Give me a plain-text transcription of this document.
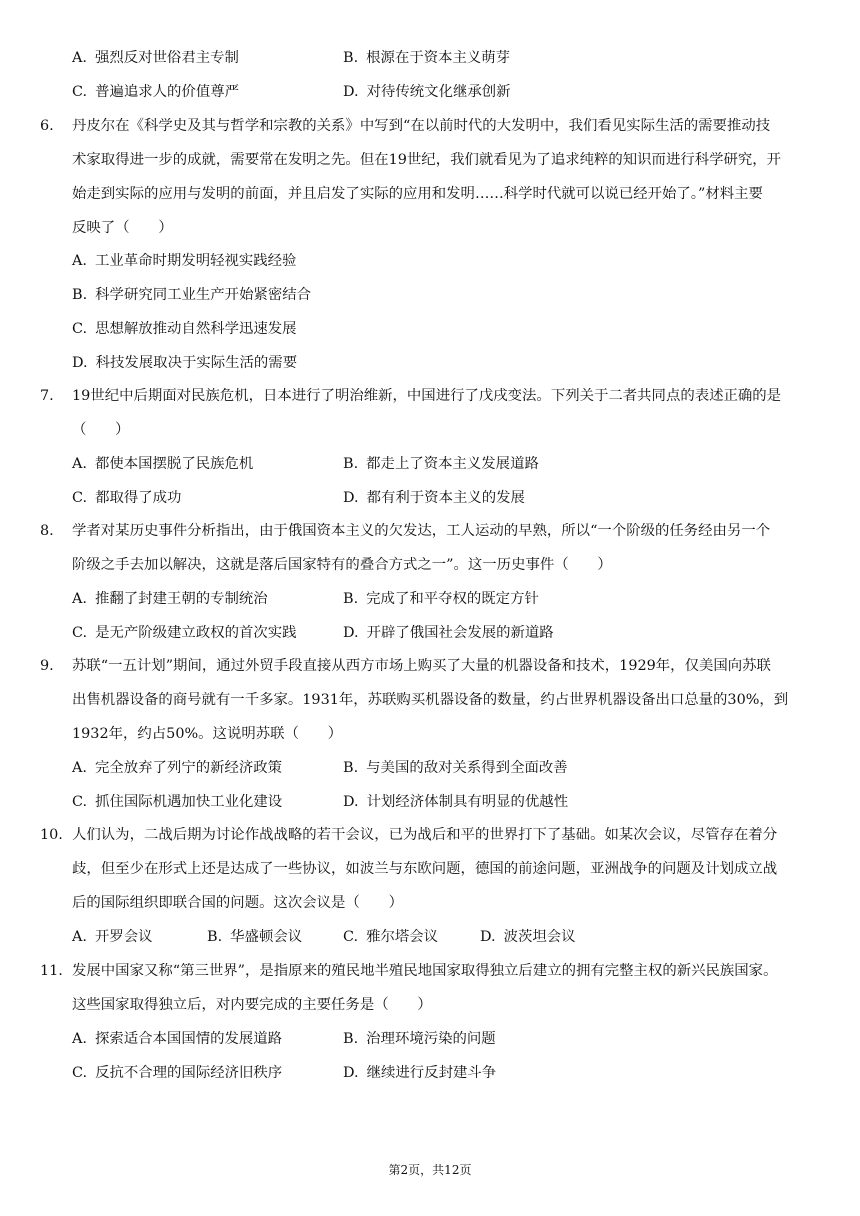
A. 强烈反对世俗君主专制	B. 根源在于资本主义萌芽
C. 普遍追求人的价值尊严	D. 对待传统文化继承创新
6. 丹皮尔在《科学史及其与哲学和宗教的关系》中写到“在以前时代的大发明中，我们看见实际生活的需要推动技
术家取得进一步的成就，需要常在发明之先。但在19世纪，我们就看见为了追求纯粹的知识而进行科学研究，开
始走到实际的应用与发明的前面，并且启发了实际的应用和发明……科学时代就可以说已经开始了。”材料主要
反映了（　　）
A. 工业革命时期发明轻视实践经验
B. 科学研究同工业生产开始紧密结合
C. 思想解放推动自然科学迅速发展
D. 科技发展取决于实际生活的需要
7. 19世纪中后期面对民族危机，日本进行了明治维新，中国进行了戊戌变法。下列关于二者共同点的表述正确的是
（　　）
A. 都使本国摆脱了民族危机	B. 都走上了资本主义发展道路
C. 都取得了成功	D. 都有利于资本主义的发展
8. 学者对某历史事件分析指出，由于俄国资本主义的欠发达，工人运动的早熟，所以“一个阶级的任务经由另一个
阶级之手去加以解决，这就是落后国家特有的叠合方式之一”。这一历史事件（　　）
A. 推翻了封建王朝的专制统治	B. 完成了和平夺权的既定方针
C. 是无产阶级建立政权的首次实践	D. 开辟了俄国社会发展的新道路
9. 苏联“一五计划”期间，通过外贸手段直接从西方市场上购买了大量的机器设备和技术，1929年，仅美国向苏联
出售机器设备的商号就有一千多家。1931年，苏联购买机器设备的数量，约占世界机器设备出口总量的30%，到
1932年，约占50%。这说明苏联（　　）
A. 完全放弃了列宁的新经济政策	B. 与美国的敌对关系得到全面改善
C. 抓住国际机遇加快工业化建设	D. 计划经济体制具有明显的优越性
10. 人们认为，二战后期为讨论作战战略的若干会议，已为战后和平的世界打下了基础。如某次会议，尽管存在着分
歧，但至少在形式上还是达成了一些协议，如波兰与东欧问题，德国的前途问题，亚洲战争的问题及计划成立战
后的国际组织即联合国的问题。这次会议是（　　）
A. 开罗会议	B. 华盛顿会议	C. 雅尔塔会议	D. 波茨坦会议
11. 发展中国家又称“第三世界”，是指原来的殖民地半殖民地国家取得独立后建立的拥有完整主权的新兴民族国家。
这些国家取得独立后，对内要完成的主要任务是（　　）
A. 探索适合本国国情的发展道路	B. 治理环境污染的问题
C. 反抗不合理的国际经济旧秩序	D. 继续进行反封建斗争
第2页，共12页
